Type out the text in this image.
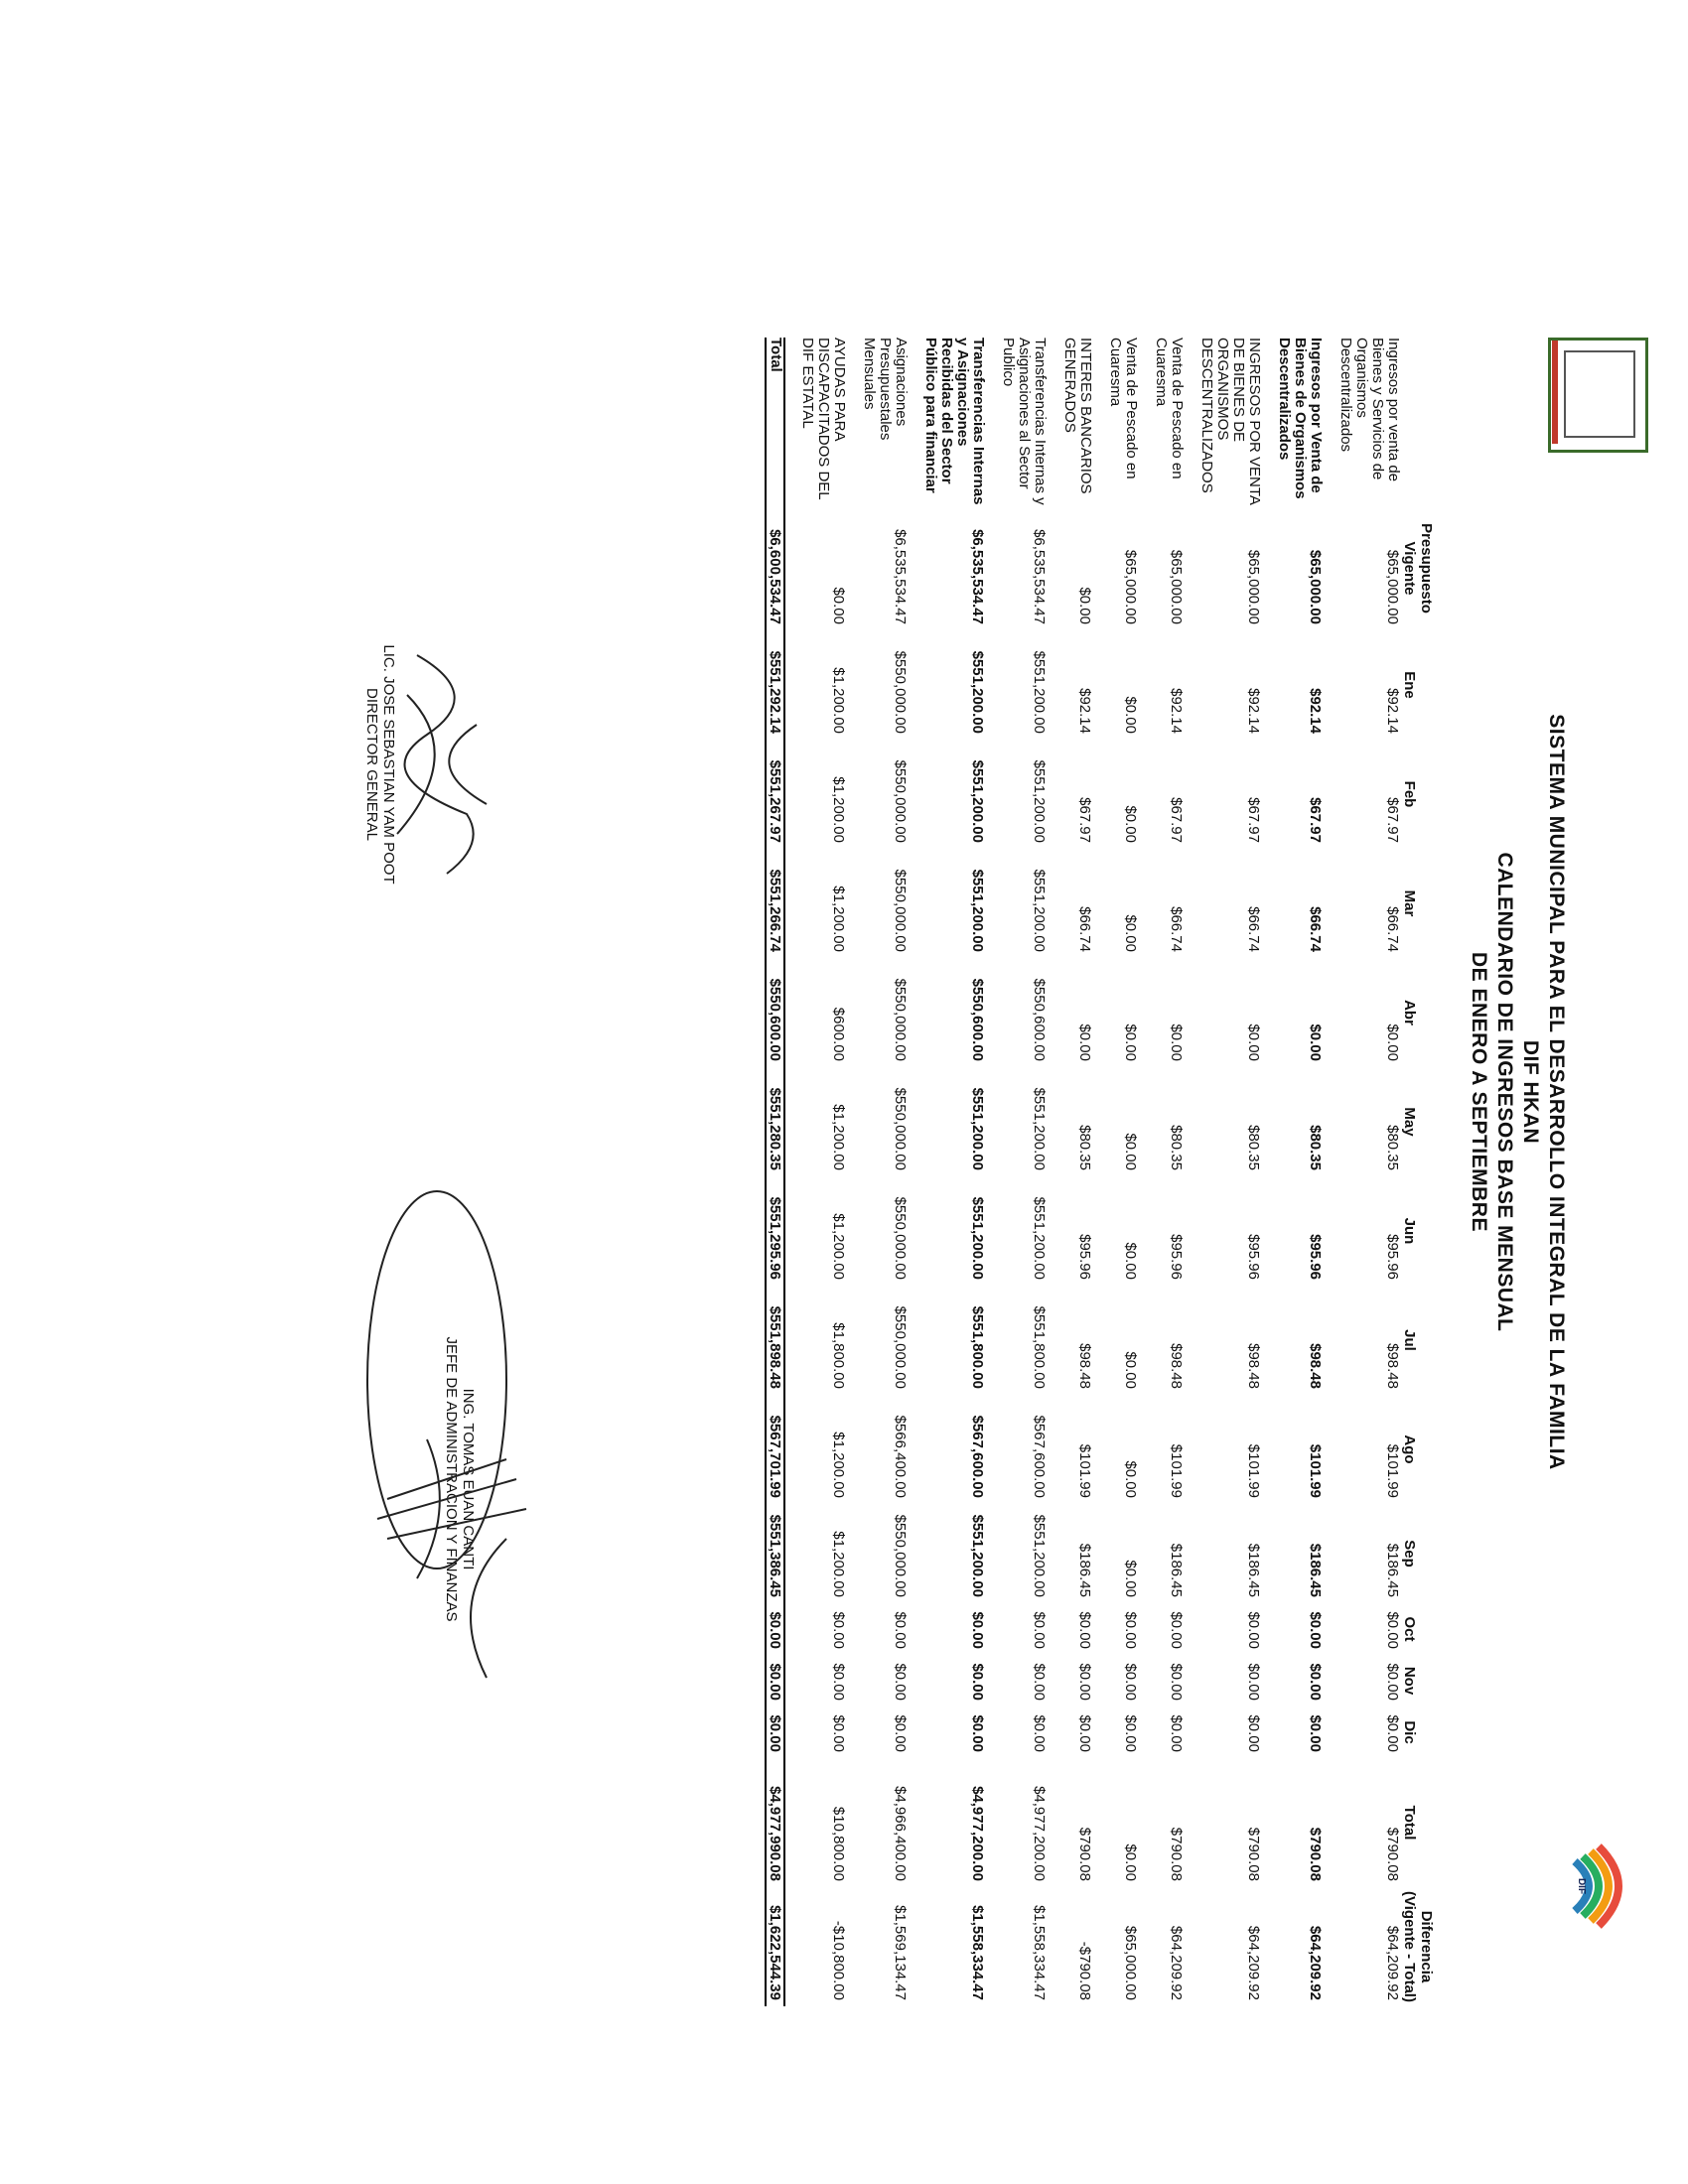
DIF
SISTEMA MUNICIPAL PARA EL DESARROLLO INTEGRAL DE LA FAMILIA
DIF HKAN
CALENDARIO DE INGRESOS BASE MENSUAL
DE ENERO A SEPTIEMBRE
	Presupuesto Vigente	Ene	Feb	Mar	Abr	May	Jun	Jul	Ago	Sep	Oct	Nov	Dic	Total	Diferencia (Vigente - Total)
Ingresos por venta de Bienes y Servicios de Organismos Descentralizados	$65,000.00	$92.14	$67.97	$66.74	$0.00	$80.35	$95.96	$98.48	$101.99	$186.45	$0.00	$0.00	$0.00	$790.08	$64,209.92

Ingresos por Venta de Bienes de Organismos Descentralizados	$65,000.00	$92.14	$67.97	$66.74	$0.00	$80.35	$95.96	$98.48	$101.99	$186.45	$0.00	$0.00	$0.00	$790.08	$64,209.92

INGRESOS POR VENTA DE BIENES DE ORGANISMOS DESCENTRALIZADOS	$65,000.00	$92.14	$67.97	$66.74	$0.00	$80.35	$95.96	$98.48	$101.99	$186.45	$0.00	$0.00	$0.00	$790.08	$64,209.92

Venta de Pescado en Cuaresma	$65,000.00	$92.14	$67.97	$66.74	$0.00	$80.35	$95.96	$98.48	$101.99	$186.45	$0.00	$0.00	$0.00	$790.08	$64,209.92

Venta de Pescado en Cuaresma	$65,000.00	$0.00	$0.00	$0.00	$0.00	$0.00	$0.00	$0.00	$0.00	$0.00	$0.00	$0.00	$0.00	$0.00	$65,000.00

INTERES BANCARIOS GENERADOS	$0.00	$92.14	$67.97	$66.74	$0.00	$80.35	$95.96	$98.48	$101.99	$186.45	$0.00	$0.00	$0.00	$790.08	-$790.08

Transferencias Internas y Asignaciones al Sector Publico	$6,535,534.47	$551,200.00	$551,200.00	$551,200.00	$550,600.00	$551,200.00	$551,200.00	$551,800.00	$567,600.00	$551,200.00	$0.00	$0.00	$0.00	$4,977,200.00	$1,558,334.47

Transferencias Internas y Asignaciones Recibidas del Sector Público para financiar	$6,535,534.47	$551,200.00	$551,200.00	$551,200.00	$550,600.00	$551,200.00	$551,200.00	$551,800.00	$567,600.00	$551,200.00	$0.00	$0.00	$0.00	$4,977,200.00	$1,558,334.47

Asignaciones Presupuestales Mensuales	$6,535,534.47	$550,000.00	$550,000.00	$550,000.00	$550,000.00	$550,000.00	$550,000.00	$550,000.00	$566,400.00	$550,000.00	$0.00	$0.00	$0.00	$4,966,400.00	$1,569,134.47

AYUDAS PARA DISCAPACITADOS DEL DIF ESTATAL	$0.00	$1,200.00	$1,200.00	$1,200.00	$600.00	$1,200.00	$1,200.00	$1,800.00	$1,200.00	$1,200.00	$0.00	$0.00	$0.00	$10,800.00	-$10,800.00

Total	$6,600,534.47	$551,292.14	$551,267.97	$551,266.74	$550,600.00	$551,280.35	$551,295.96	$551,898.48	$567,701.99	$551,386.45	$0.00	$0.00	$0.00	$4,977,990.08	$1,622,544.39
LIC. JOSE SEBASTIAN YAM POOT
DIRECTOR GENERAL
ING. TOMAS EUAN CANTI
JEFE DE ADMINISTRACION Y FINANZAS
